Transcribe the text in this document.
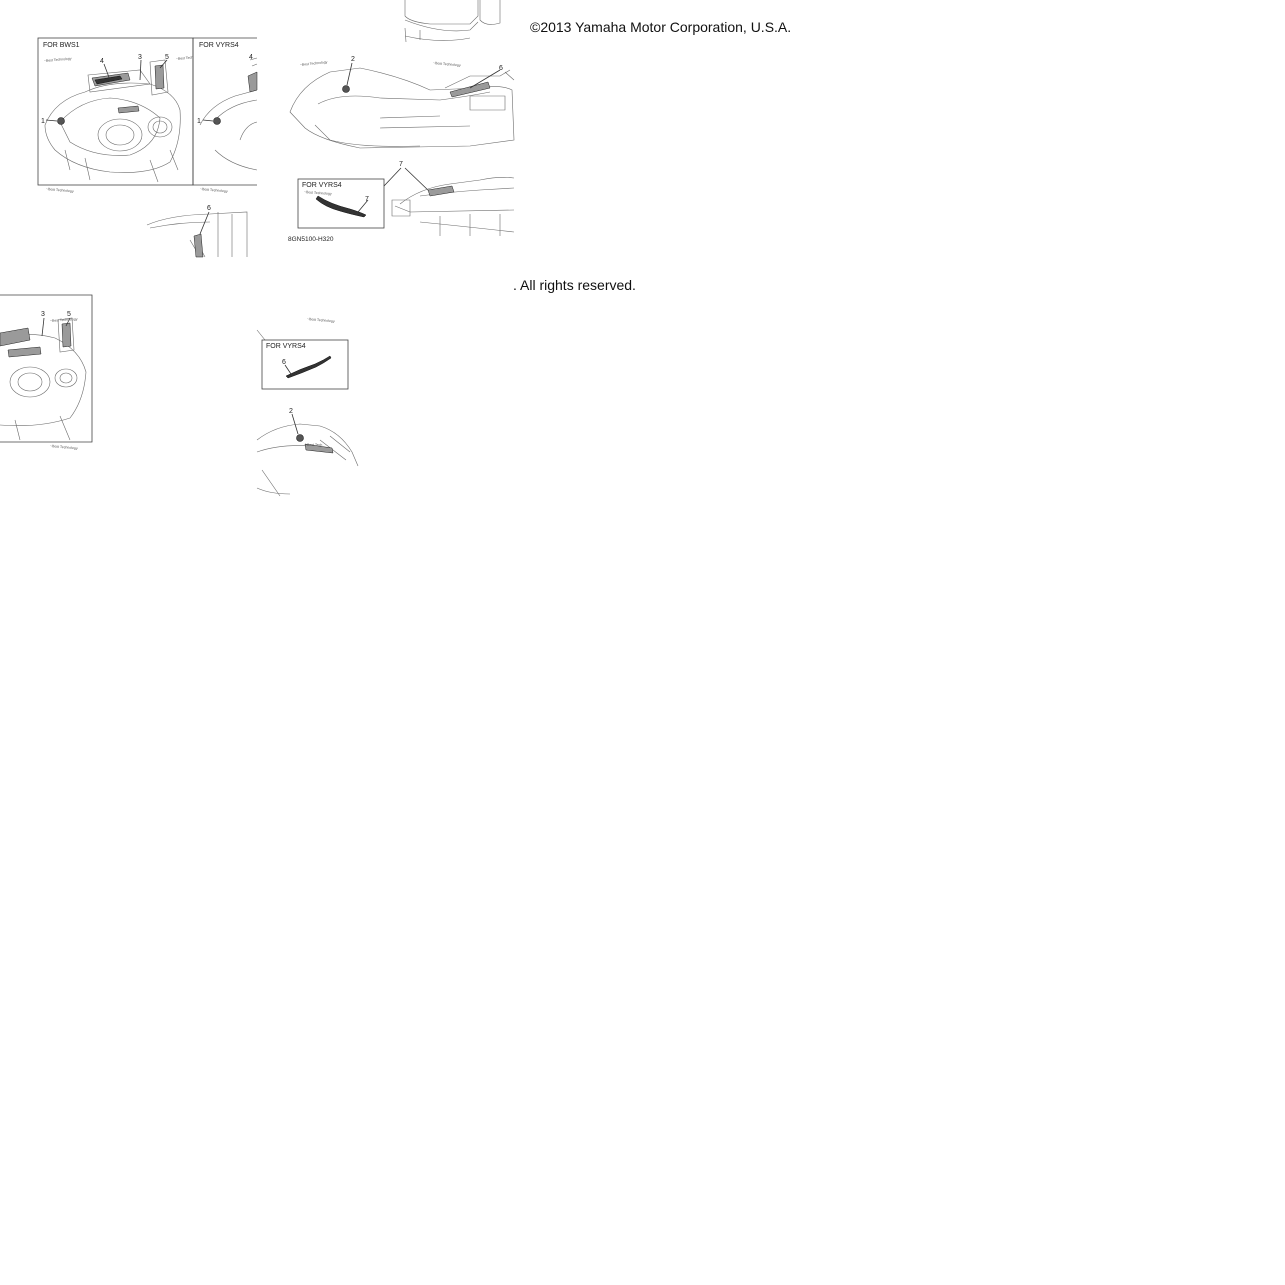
©2013 Yamaha Motor Corporation, U.S.A.
. All rights reserved.
FOR BWS1
~Best Technology
1
4
3	5 ~Best Tech
~Best Technology
FOR VYRS4
1
4
~Best Technology
~Best Technology	~Best Technology
2
6
6
FOR VYRS4
~Best Technology
7
8GN5100-H320
7
3	5
~Best Technology
~Best Technology
~Best Technology
FOR VYRS4
6
~Best Tech
2
